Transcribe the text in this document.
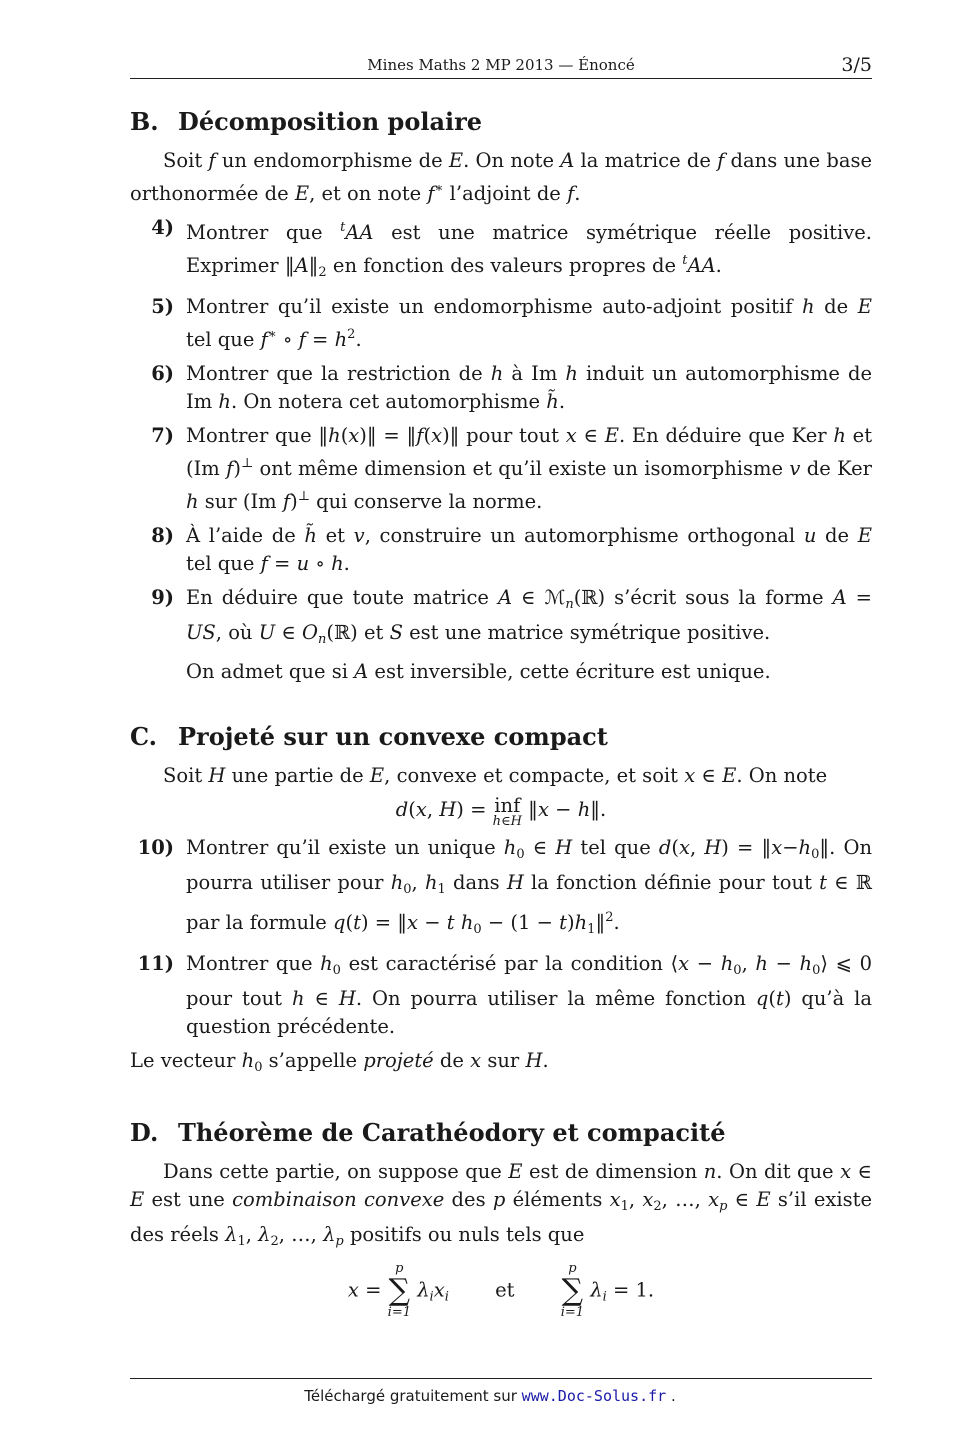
Mines Maths 2 MP 2013 — Énoncé	3/5
B. Décomposition polaire

Soit f un endomorphisme de E. On note A la matrice de f dans une base orthonormée de E, et on note f∗ l’adjoint de f.

4) Montrer que $^t$AA est une matrice symétrique réelle positive. Exprimer $‖A‖_2$ en fonction des valeurs propres de $^t$AA.
5) Montrer qu’il existe un endomorphisme auto-adjoint positif h de E tel que f∗ ∘ $f = h^2$.
6) Montrer que la restriction de h à Im h induit un automorphisme de Im h. On notera cet automorphisme h̃.
7) Montrer que ‖h(x)‖ = ‖f(x)‖ pour tout x ∈ E. En déduire que Ker h et (Im f)⊥ ont même dimension et qu’il existe un isomorphisme v de Ker h sur (Im f)⊥ qui conserve la norme.
8) À l’aide de h̃ et v, construire un automorphisme orthogonal u de E tel que f = u ∘ h.
9) En déduire que toute matrice A ∈ ℳ$_n$(ℝ) s’écrit sous la forme A = US, où U ∈ $O_n(ℝ)$ et S est une matrice symétrique positive.

On admet que si A est inversible, cette écriture est unique.
C. Projeté sur un convexe compact

Soit H une partie de E, convexe et compacte, et soit x ∈ E. On note

d(x, H) = inf
h∈H
‖x − h‖.
10) Montrer qu’il existe un unique $h_0$ ∈ H tel que d(x, $H) = ‖x-h_0‖$. On pourra utiliser pour $h_0$, $h_1$ dans H la fonction définie pour tout t ∈ ℝ par la formule q(t) = ‖x − t $h_0 - (1$ − $t)h_1‖^2$.
11) Montrer que $h_0$ est caractérisé par la condition ⟨x − $h_0$, $h - h_0⟩$ ⩽ 0 pour tout h ∈ H. On pourra utiliser la même fonction q(t) qu’à la question précédente.

Le vecteur $h_0$ s’appelle projeté de x sur H.

D. Théorème de Carathéodory et compacité

Dans cette partie, on suppose que E est de dimension n. On dit que x ∈ E est une combinaison convexe des p éléments $x_1$, $x_2$, …, $x_p$ ∈ E s’il existe des réels $\lambda_1$, $\lambda_2$, …, $\lambda_p$ positifs ou nuls tels que

x =
p
∑
i=1
$\lambda_ix_i$ et
p
∑
i=1
$\lambda_i = 1$.
Téléchargé gratuitement sur www.Doc-Solus.fr .
